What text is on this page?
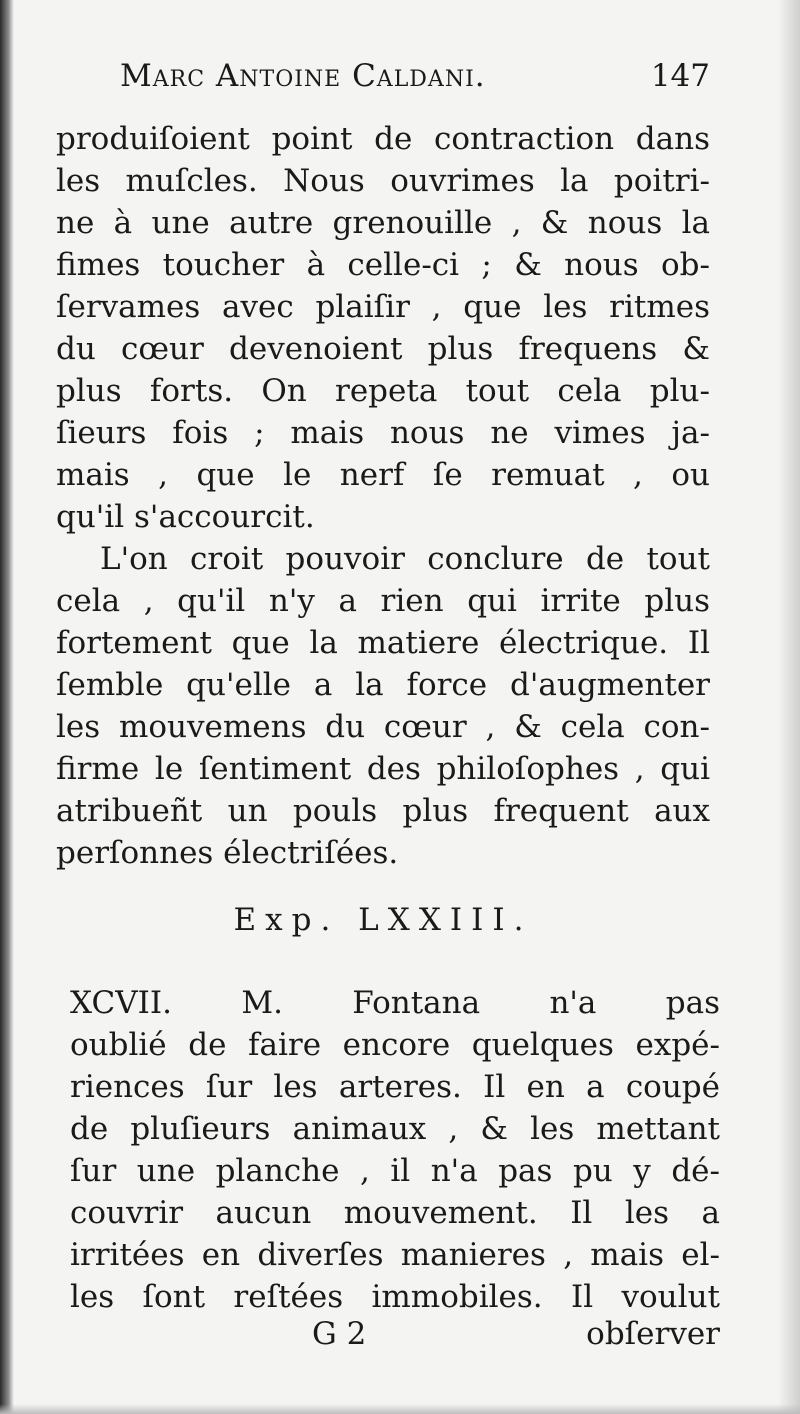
Marc Antoine Caldani.	147
produiſoient point de contraction dans
les muſcles. Nous ouvrimes la poitri-
ne à une autre grenouille , & nous la
fimes toucher à celle-ci ; & nous ob-
ſervames avec plaiſir , que les ritmes
du cœur devenoient plus frequens &
plus forts. On repeta tout cela plu-
ſieurs fois ; mais nous ne vimes ja-
mais , que le nerf ſe remuat , ou
qu'il s'accourcit.
L'on croit pouvoir conclure de tout
cela , qu'il n'y a rien qui irrite plus
fortement que la matiere électrique. Il
ſemble qu'elle a la force d'augmenter
les mouvemens du cœur , & cela con-
firme le ſentiment des philoſophes , qui
atribueñt un pouls plus frequent aux
perſonnes électriſées.
Exp. LXXIII.
XCVII. M. Fontana n'a pas
oublié de faire encore quelques expé-
riences ſur les arteres. Il en a coupé
de pluſieurs animaux , & les mettant
ſur une planche , il n'a pas pu y dé-
couvrir aucun mouvement. Il les a
irritées en diverſes manieres , mais el-
les ſont reſtées immobiles. Il voulut
G 2	obſerver
